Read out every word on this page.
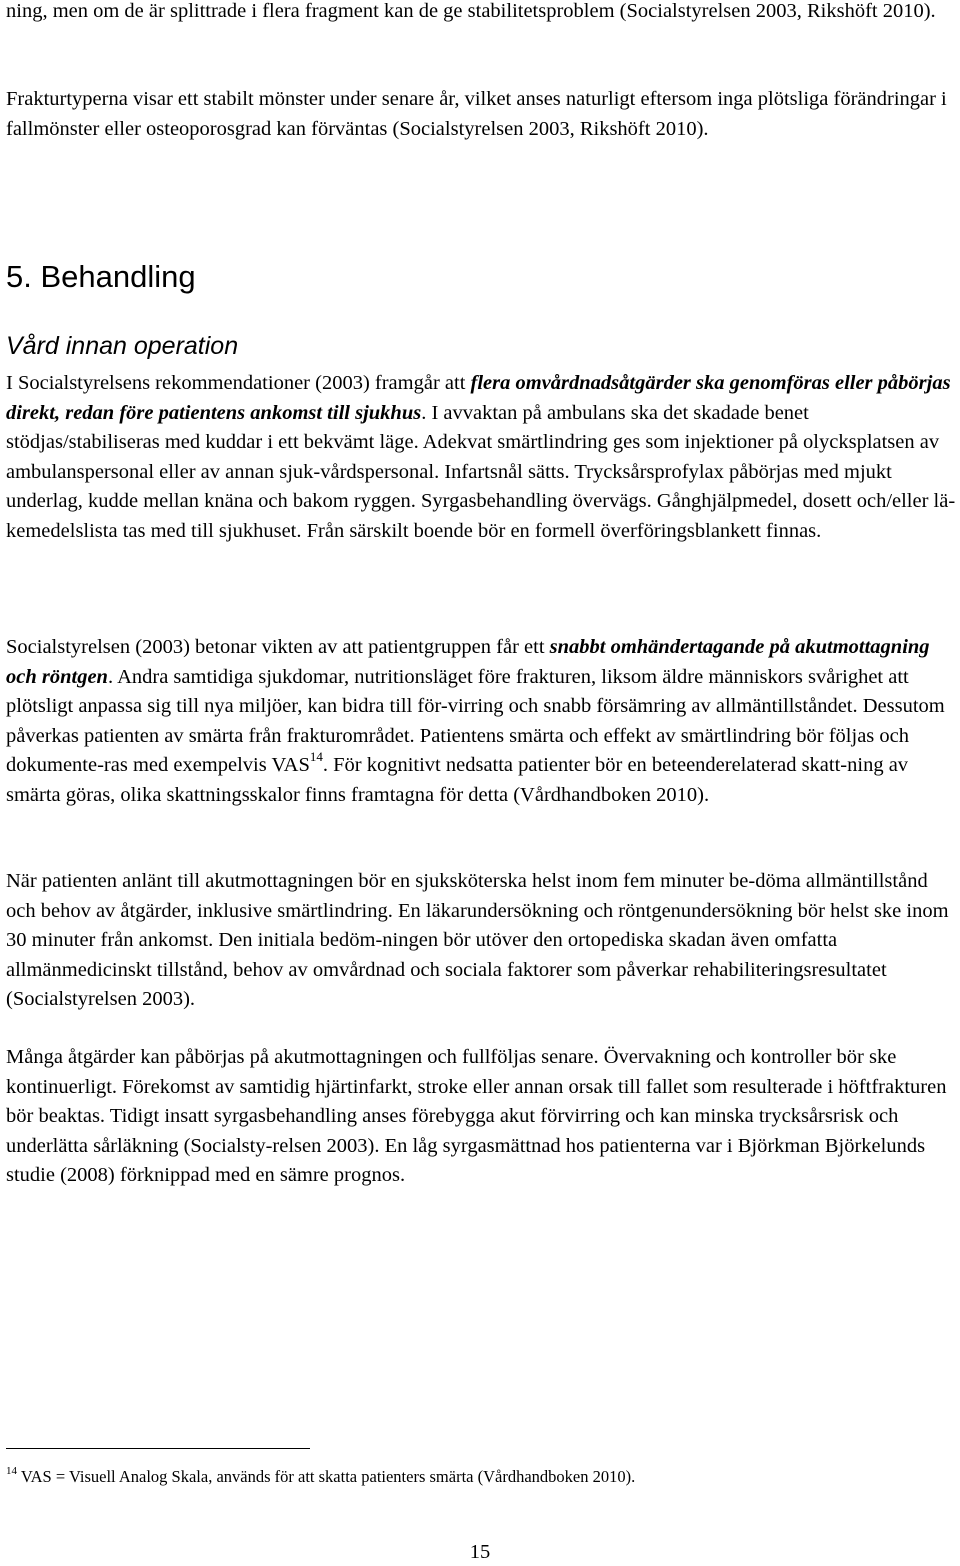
ning, men om de är splittrade i flera fragment kan de ge stabilitetsproblem (Socialstyrelsen 2003, Rikshöft 2010).

Frakturtyperna visar ett stabilt mönster under senare år, vilket anses naturligt eftersom inga plötsliga förändringar i fallmönster eller osteoporosgrad kan förväntas (Socialstyrelsen 2003, Rikshöft 2010).

5. Behandling
Vård innan operation

I Socialstyrelsens rekommendationer (2003) framgår att flera omvårdnadsåtgärder ska genomföras eller påbörjas direkt, redan före patientens ankomst till sjukhus. I avvaktan på ambulans ska det skadade benet stödjas/stabiliseras med kuddar i ett bekvämt läge. Adekvat smärtlindring ges som injektioner på olycksplatsen av ambulanspersonal eller av annan sjuk-vårdspersonal. Infartsnål sätts. Trycksårsprofylax påbörjas med mjukt underlag, kudde mellan knäna och bakom ryggen. Syrgasbehandling övervägs. Gånghjälpmedel, dosett och/eller lä-kemedelslista tas med till sjukhuset. Från särskilt boende bör en formell överföringsblankett finnas.

Socialstyrelsen (2003) betonar vikten av att patientgruppen får ett snabbt omhändertagande på akutmottagning och röntgen. Andra samtidiga sjukdomar, nutritionsläget före frakturen, liksom äldre människors svårighet att plötsligt anpassa sig till nya miljöer, kan bidra till för-virring och snabb försämring av allmäntillståndet. Dessutom påverkas patienten av smärta från frakturområdet. Patientens smärta och effekt av smärtlindring bör följas och dokumente-ras med exempelvis VAS$^{14}$. För kognitivt nedsatta patienter bör en beteenderelaterad skatt-ning av smärta göras, olika skattningsskalor finns framtagna för detta (Vårdhandboken 2010).

När patienten anlänt till akutmottagningen bör en sjuksköterska helst inom fem minuter be-döma allmäntillstånd och behov av åtgärder, inklusive smärtlindring. En läkarundersökning och röntgenundersökning bör helst ske inom 30 minuter från ankomst. Den initiala bedöm-ningen bör utöver den ortopediska skadan även omfatta allmänmedicinskt tillstånd, behov av omvårdnad och sociala faktorer som påverkar rehabiliteringsresultatet (Socialstyrelsen 2003).

Många åtgärder kan påbörjas på akutmottagningen och fullföljas senare. Övervakning och kontroller bör ske kontinuerligt. Förekomst av samtidig hjärtinfarkt, stroke eller annan orsak till fallet som resulterade i höftfrakturen bör beaktas. Tidigt insatt syrgasbehandling anses förebygga akut förvirring och kan minska trycksårsrisk och underlätta sårläkning (Socialsty-relsen 2003). En låg syrgasmättnad hos patienterna var i Björkman Björkelunds studie (2008) förknippad med en sämre prognos.

$^{14}$ VAS = Visuell Analog Skala, används för att skatta patienters smärta (Vårdhandboken 2010).
15
